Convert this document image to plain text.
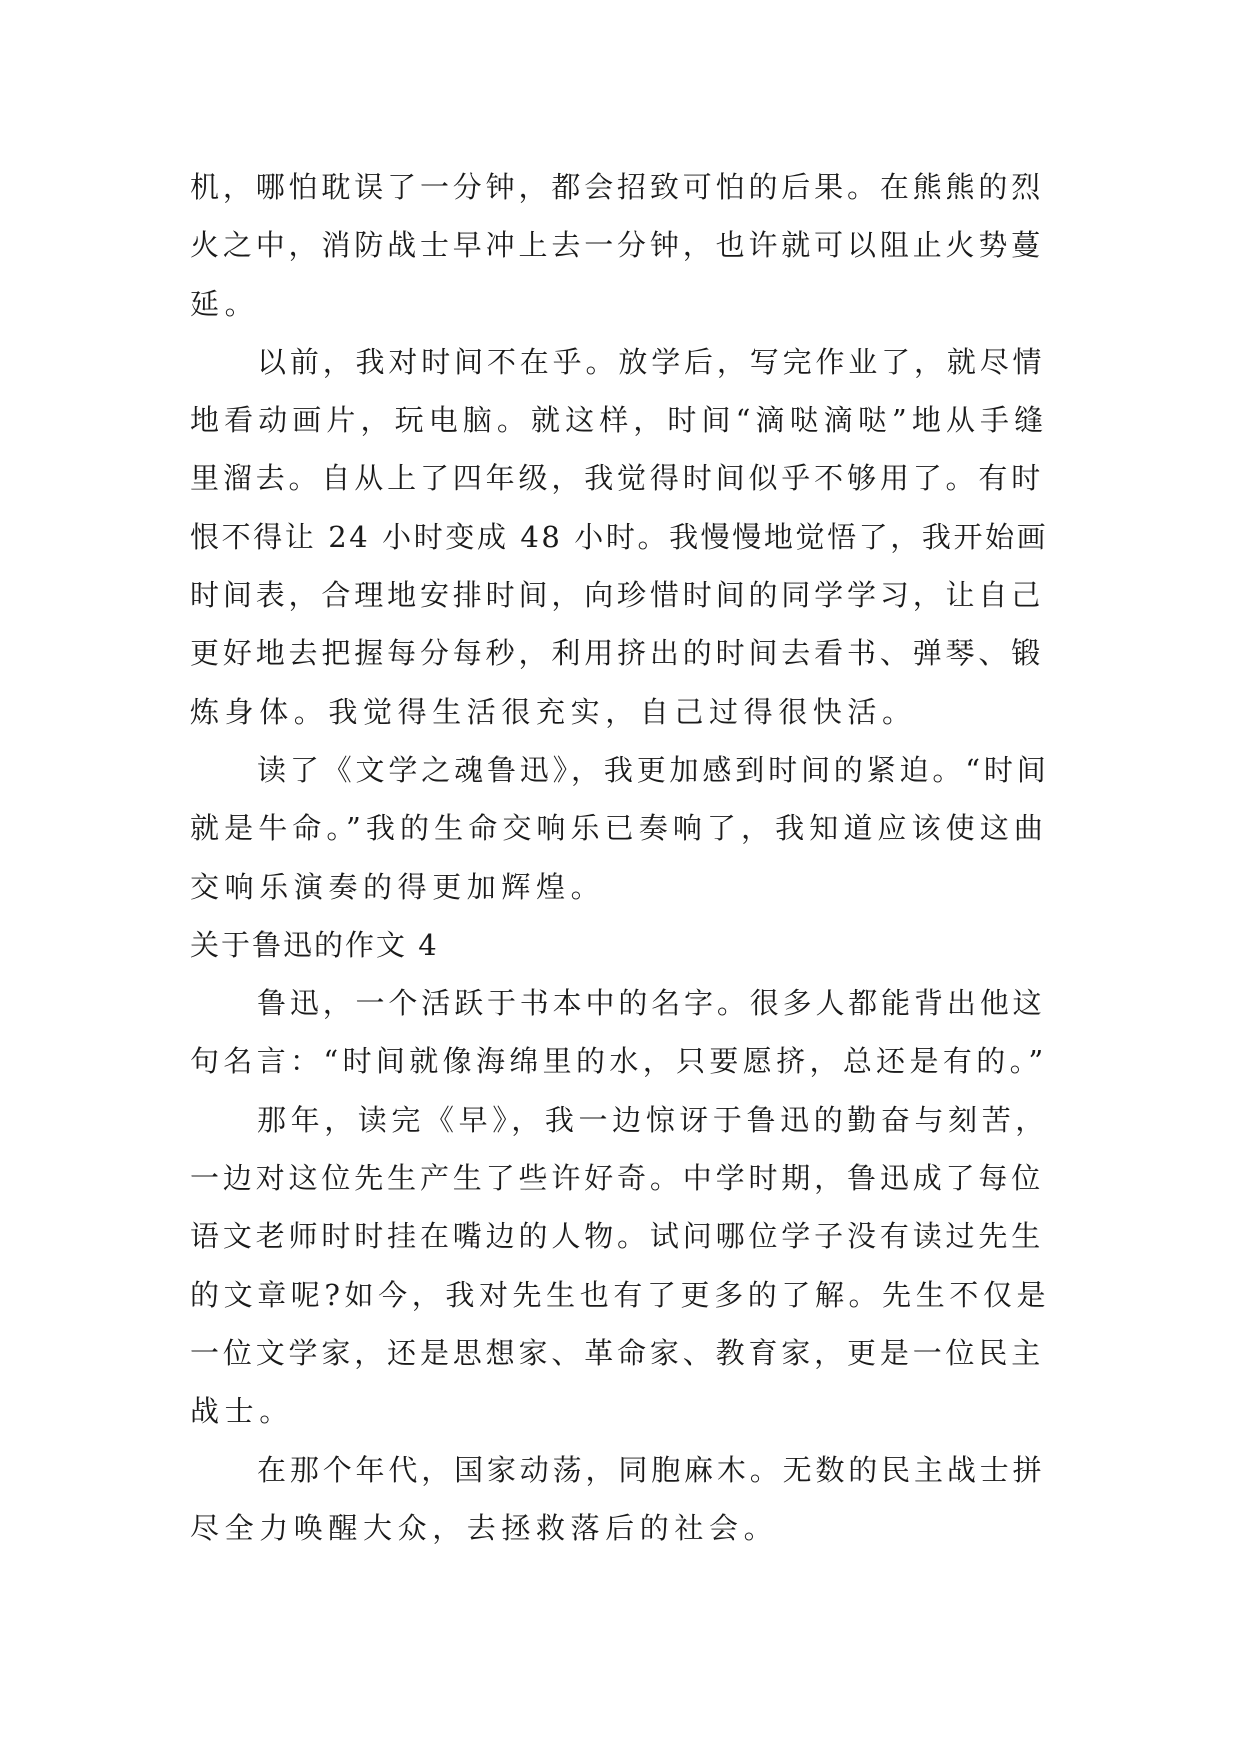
机，哪怕耽误了一分钟，都会招致可怕的后果。在熊熊的烈
火之中，消防战士早冲上去一分钟，也许就可以阻止火势蔓
延。
以前，我对时间不在乎。放学后，写完作业了，就尽情
地看动画片，玩电脑。就这样，时间“滴哒滴哒”地从手缝
里溜去。自从上了四年级，我觉得时间似乎不够用了。有时
恨不得让 24 小时变成 48 小时。我慢慢地觉悟了，我开始画
时间表，合理地安排时间，向珍惜时间的同学学习，让自己
更好地去把握每分每秒，利用挤出的时间去看书、弹琴、锻
炼身体。我觉得生活很充实，自己过得很快活。
读了《文学之魂鲁迅》，我更加感到时间的紧迫。“时间
就是牛命。”我的生命交响乐已奏响了，我知道应该使这曲
交响乐演奏的得更加辉煌。
关于鲁迅的作文 4
鲁迅，一个活跃于书本中的名字。很多人都能背出他这
句名言：“时间就像海绵里的水，只要愿挤，总还是有的。”
那年，读完《早》，我一边惊讶于鲁迅的勤奋与刻苦，
一边对这位先生产生了些许好奇。中学时期，鲁迅成了每位
语文老师时时挂在嘴边的人物。试问哪位学子没有读过先生
的文章呢?如今，我对先生也有了更多的了解。先生不仅是
一位文学家，还是思想家、革命家、教育家，更是一位民主
战士。
在那个年代，国家动荡，同胞麻木。无数的民主战士拼
尽全力唤醒大众，去拯救落后的社会。
